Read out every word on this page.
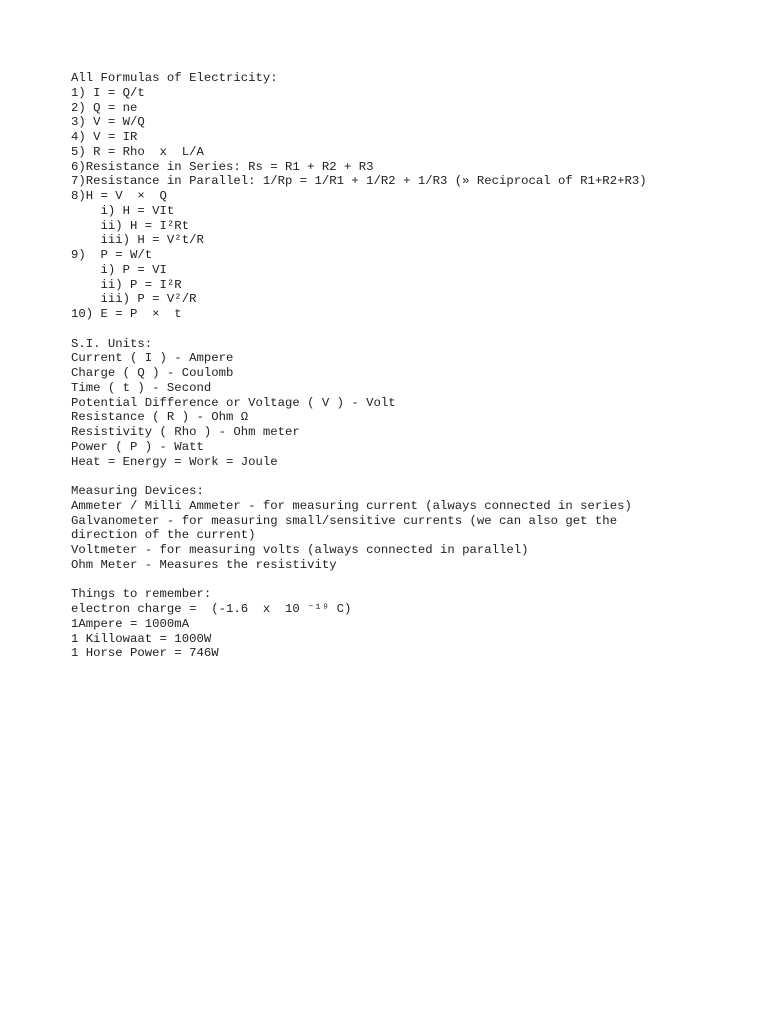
All Formulas of Electricity:
1) I = Q/t
2) Q = ne
3) V = W/Q
4) V = IR
5) R = Rho  x  L/A
6)Resistance in Series: Rs = R1 + R2 + R3
7)Resistance in Parallel: 1/Rp = 1/R1 + 1/R2 + 1/R3 (» Reciprocal of R1+R2+R3)
8)H = V  ×  Q
i) H = VIt
ii) H = I²Rt
iii) H = V²t/R
9)  P = W/t
i) P = VI
ii) P = I²R
iii) P = V²/R
10) E = P  ×  t
S.I. Units:
Current ( I ) - Ampere
Charge ( Q ) - Coulomb
Time ( t ) - Second
Potential Difference or Voltage ( V ) - Volt
Resistance ( R ) - Ohm Ω
Resistivity ( Rho ) - Ohm meter
Power ( P ) - Watt
Heat = Energy = Work = Joule
Measuring Devices:
Ammeter / Milli Ammeter - for measuring current (always connected in series)
Galvanometer - for measuring small/sensitive currents (we can also get the
direction of the current)
Voltmeter - for measuring volts (always connected in parallel)
Ohm Meter - Measures the resistivity
Things to remember:
electron charge =  (-1.6  x  10 ⁻¹⁹ C)
1Ampere = 1000mA
1 Killowaat = 1000W
1 Horse Power = 746W
